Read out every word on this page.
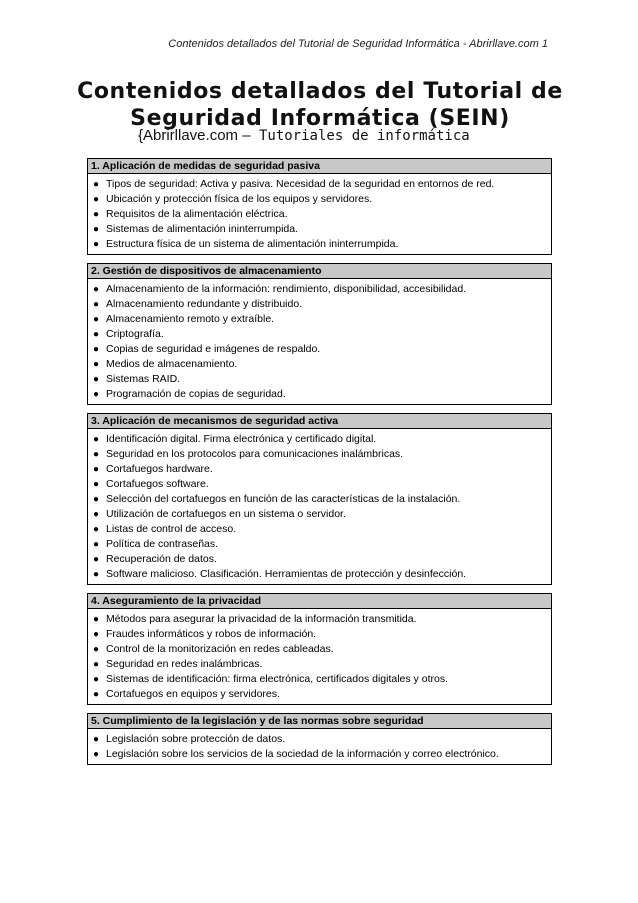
Contenidos detallados del Tutorial de Seguridad Informática - Abrirllave.com 1
Contenidos detallados del Tutorial de
Seguridad Informática (SEIN)
{Abrirllave.com – Tutoriales de informática
1. Aplicación de medidas de seguridad pasiva
● Tipos de seguridad: Activa y pasiva. Necesidad de la seguridad en entornos de red.
● Ubicación y protección física de los equipos y servidores.
● Requisitos de la alimentación eléctrica.
● Sistemas de alimentación ininterrumpida.
● Estructura física de un sistema de alimentación ininterrumpida.
2. Gestión de dispositivos de almacenamiento
● Almacenamiento de la información: rendimiento, disponibilidad, accesibilidad.
● Almacenamiento redundante y distribuido.
● Almacenamiento remoto y extraíble.
● Criptografía.
● Copias de seguridad e imágenes de respaldo.
● Medios de almacenamiento.
● Sistemas RAID.
● Programación de copias de seguridad.
3. Aplicación de mecanismos de seguridad activa
● Identificación digital. Firma electrónica y certificado digital.
● Seguridad en los protocolos para comunicaciones inalámbricas.
● Cortafuegos hardware.
● Cortafuegos software.
● Selección del cortafuegos en función de las características de la instalación.
● Utilización de cortafuegos en un sistema o servidor.
● Listas de control de acceso.
● Política de contraseñas.
● Recuperación de datos.
● Software malicioso. Clasificación. Herramientas de protección y desinfección.
4. Aseguramiento de la privacidad
● Métodos para asegurar la privacidad de la información transmitida.
● Fraudes informáticos y robos de información.
● Control de la monitorización en redes cableadas.
● Seguridad en redes inalámbricas.
● Sistemas de identificación: firma electrónica, certificados digitales y otros.
● Cortafuegos en equipos y servidores.
5. Cumplimiento de la legislación y de las normas sobre seguridad
● Legislación sobre protección de datos.
● Legislación sobre los servicios de la sociedad de la información y correo electrónico.
